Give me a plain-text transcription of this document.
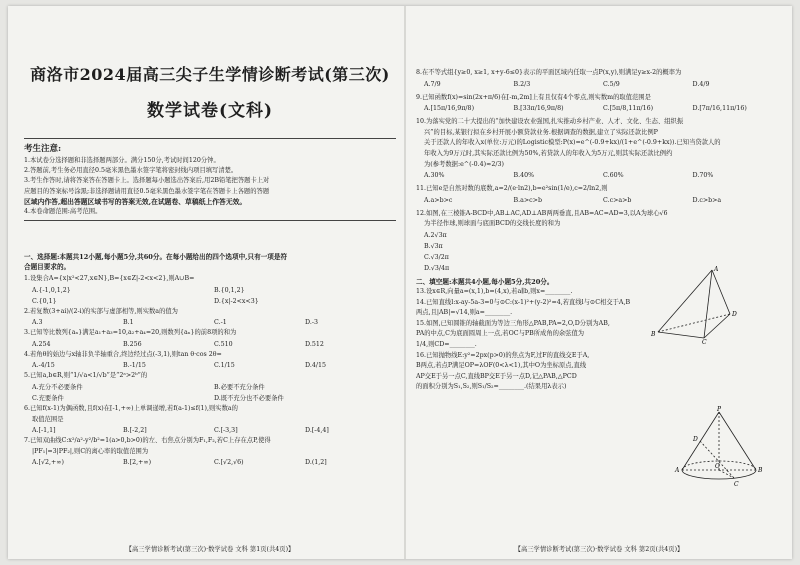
商洛市2024届高三尖子生学情诊断考试(第三次)
数学试卷(文科)
考生注意:
1.本试卷分选择题和非选择题两部分。满分150分,考试时间120分钟。
2.答题前,考生务必用直径0.5毫米黑色墨水签字笔将密封线内项目填写清楚。
3.考生作答时,请将答案答在答题卡上。选择题每小题选出答案后,用2B铅笔把答题卡上对
应题目的答案标号涂黑;非选择题请用直径0.5毫米黑色墨水签字笔在答题卡上各题的答题
区域内作答,超出答题区域书写的答案无效,在试题卷、草稿纸上作答无效。
4.本卷命题范围:高考范围。
一、选择题:本题共12小题,每小题5分,共60分。在每小题给出的四个选项中,只有一项是符
合题目要求的。
1.设集合A={x|x²<27,x∈N},B={x∈Z|-2<x<2},则A∪B=
A.{-1,0,1,2}	B.{0,1,2}
C.{0,1}	D.{x|-2<x<3}
2.若复数(3+ai)/(2-i)的实部与虚部相等,则实数a的值为
A.3	B.1	C.-1	D.-3
3.已知等比数列{aₙ}满足a₁+a₃=10,a₂+a₄=20,则数列{aₙ}的前8项的和为
A.254	B.256	C.510	D.512
4.若角θ的始边与x轴非负半轴重合,终边经过点(-3,1),则tan θ·cos 2θ=
A.-4/15	B.-1/15	C.1/15	D.4/15
5.已知a,b∈R,则“1/√a<1/√b”是“2ᵃ>2ᵇ”的
A.充分不必要条件	B.必要不充分条件
C.充要条件	D.既不充分也不必要条件
6.已知f(x-1)为偶函数,且f(x)在[-1,+∞)上单调递增,若f(a-1)≤f(1),则实数a的
取值范围是
A.[-1,1]	B.[-2,2]	C.[-3,3]	D.[-4,4]
7.已知双曲线C:x²/a²-y²/b²=1(a>0,b>0)的左、右焦点分别为F₁,F₂,若C上存在点P,使得
|PF₁|=3|PF₂|,则C的离心率的取值范围为
A.[√2,+∞)	B.[2,+∞)	C.[√2,√6)	D.(1,2]
【高三学情诊断考试(第三次)·数学试卷 文科 第1页(共4页)】
8.在不等式组{y≥0, x≥1, x+y-6≤0}表示的平面区域内任取一点P(x,y),则满足y≥x-2的概率为
A.7/9	B.2/3	C.5/9	D.4/9
9.已知函数f(x)=sin(2x+π/6)在[-m,2m]上有且仅有4个零点,则实数m的取值范围是
A.[15π/16,9π/8)	B.[33π/16,9π/8)	C.[5π/8,11π/16)	D.[7π/16,11π/16)
10.为落实党的二十大提出的“加快建设农业强国,扎实推动乡村产业、人才、文化、生态、组织振
兴”的目标,某银行拟在乡村开展小额贷款业务.根据调查的数据,建立了实际还款比例P
关于还款人的年收入x(单位:万元)的Logistic模型:P(x)=e^(-0.9+kx)/(1+e^(-0.9+kx)).已知当贷款人的
年收入为9万元时,其实际还款比例为50%,若贷款人的年收入为5万元,则其实际还款比例约
为(参考数据:e^(-0.4)≈2/3)
A.30%	B.40%	C.60%	D.70%
11.已知e是自然对数的底数,a=2/(e·ln2),b=e²sin(1/e),c=2/ln2,则
A.a>b>c	B.a>c>b	C.c>a>b	D.c>b>a
12.如图,在三棱锥A-BCD中,AB⊥AC,AD⊥AB两两垂直,且AB=AC=AD=3,以A为球心√6
为半径作球,则球面与底面BCD的交线长度的和为
A.2√3π
B.√3π
C.√3/2π
D.√3/4π
二、填空题:本题共4小题,每小题5分,共20分。
13.设x∈R,向量a=(x,1),b=(4,x),若a∥b,则x=________.
14.已知直线l:x-ay-5a-3=0与⊙C:(x-1)²+(y-2)²=4,若直线l与⊙C相交于A,B
两点,且|AB|=√14,则a=________.
15.如图,已知圆锥的轴截面为等边三角形△PAB,PA=2,O,D分别为AB,
PA的中点,C为底面圆周上一点,若OC与PB所成角的余弦值为
1/4,则CD=________.
16.已知抛物线E:y²=2px(p>0)的焦点为F,过F的直线交E于A,
B两点,若点P满足OP=λOF(0<λ<1),其中O为坐标原点,直线
AP交E于另一点C,直线BP交E于另一点D,记△PAB,△PCD
的面积分别为S₁,S₂,则S₁/S₂=________.(结果用λ表示)
A
B
C
D
P
A	B
O
C
D
【高三学情诊断考试(第三次)·数学试卷 文科 第2页(共4页)】
